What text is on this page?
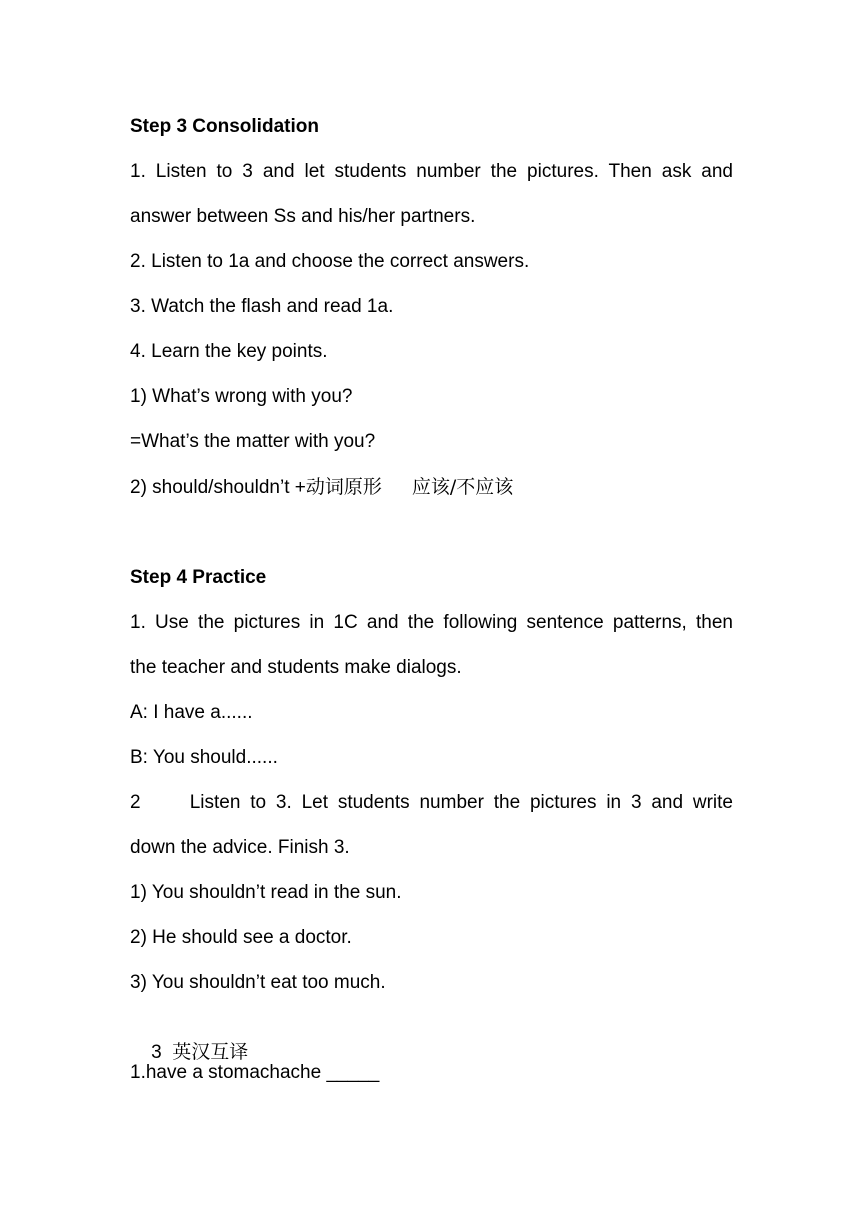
Step 3 Consolidation
1. Listen to 3 and let students number the pictures. Then ask and
answer between Ss and his/her partners.
2. Listen to 1a and choose the correct answers.
3. Watch the flash and read 1a.
4. Learn the key points.
1) What’s wrong with you?
=What’s the matter with you?
2) should/shouldn’t +动词原形 应该/不应该
Step 4 Practice
1. Use the pictures in 1C and the following sentence patterns, then
the teacher and students make dialogs.
A: I have a......
B: You should......
2     Listen to 3. Let students number the pictures in 3 and write
down the advice. Finish 3.
1) You shouldn’t read in the sun.
2) He should see a doctor.
3) You shouldn’t eat too much.

3  英汉互译

1.have a stomachache _____
